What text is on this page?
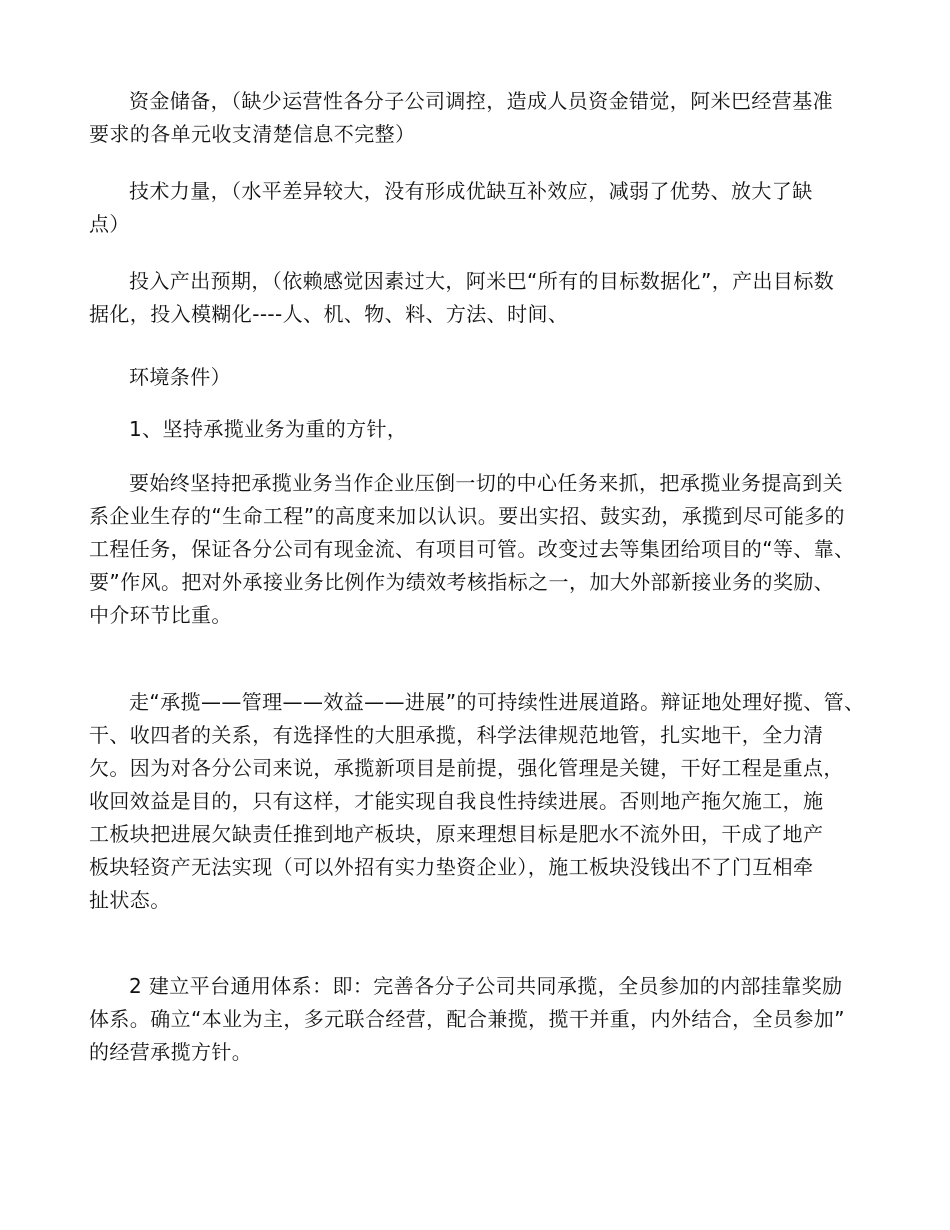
资金储备，（缺少运营性各分子公司调控，造成人员资金错觉，阿米巴经营基准
要求的各单元收支清楚信息不完整）

技术力量，（水平差异较大，没有形成优缺互补效应，减弱了优势、放大了缺
点）

投入产出预期，（依赖感觉因素过大，阿米巴“所有的目标数据化”，产出目标数
据化，投入模糊化----人、机、物、料、方法、时间、

环境条件）

1、坚持承揽业务为重的方针，

要始终坚持把承揽业务当作企业压倒一切的中心任务来抓，把承揽业务提高到关
系企业生存的“生命工程”的高度来加以认识。要出实招、鼓实劲，承揽到尽可能多的
工程任务，保证各分公司有现金流、有项目可管。改变过去等集团给项目的“等、靠、
要”作风。把对外承接业务比例作为绩效考核指标之一，加大外部新接业务的奖励、
中介环节比重。

走“承揽——管理——效益——进展”的可持续性进展道路。辩证地处理好揽、管、
干、收四者的关系，有选择性的大胆承揽，科学法律规范地管，扎实地干，全力清
欠。因为对各分公司来说，承揽新项目是前提，强化管理是关键，干好工程是重点，
收回效益是目的，只有这样，才能实现自我良性持续进展。否则地产拖欠施工，施
工板块把进展欠缺责任推到地产板块，原来理想目标是肥水不流外田，干成了地产
板块轻资产无法实现（可以外招有实力垫资企业），施工板块没钱出不了门互相牵
扯状态。

2 建立平台通用体系：即：完善各分子公司共同承揽，全员参加的内部挂靠奖励
体系。确立“本业为主，多元联合经营，配合兼揽，揽干并重，内外结合，全员参加”
的经营承揽方针。
